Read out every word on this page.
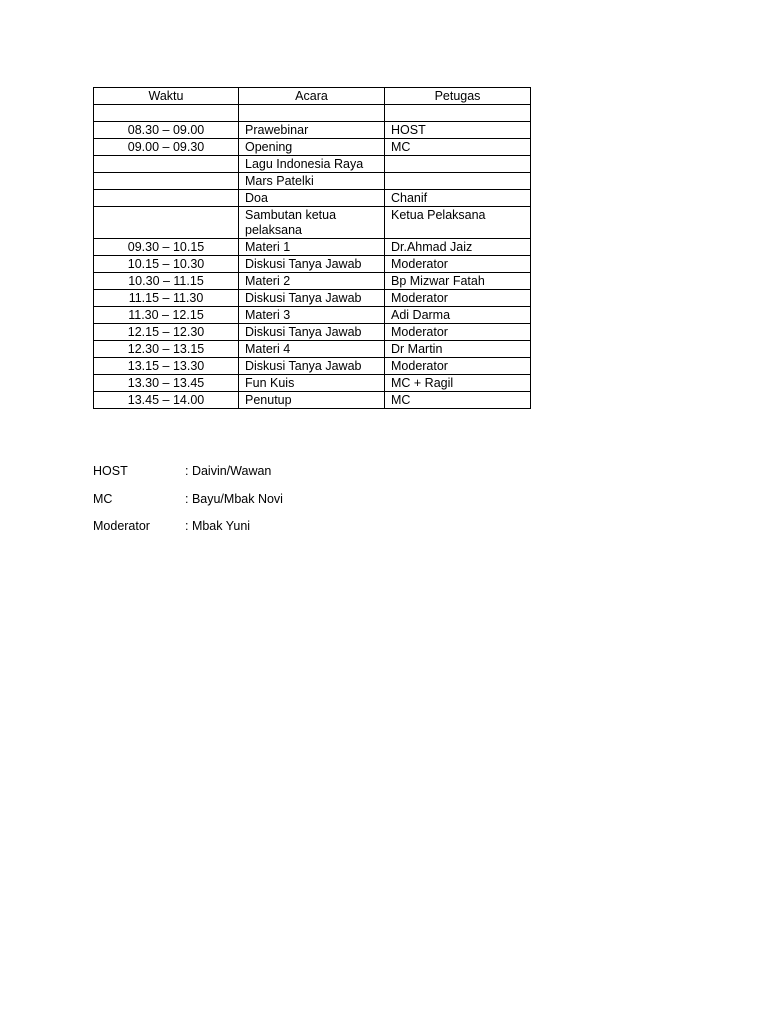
Waktu	Acara	Petugas

08.30 – 09.00	Prawebinar	HOST
09.00 – 09.30	Opening	MC
	Lagu Indonesia Raya	
	Mars Patelki	
	Doa	Chanif
	Sambutan ketua pelaksana	Ketua Pelaksana
09.30 – 10.15	Materi 1	Dr.Ahmad Jaiz
10.15 – 10.30	Diskusi Tanya Jawab	Moderator
10.30 – 11.15	Materi 2	Bp Mizwar Fatah
11.15 – 11.30	Diskusi Tanya Jawab	Moderator
11.30 – 12.15	Materi 3	Adi Darma
12.15 – 12.30	Diskusi Tanya Jawab	Moderator
12.30 – 13.15	Materi 4	Dr Martin
13.15 – 13.30	Diskusi Tanya Jawab	Moderator
13.30 – 13.45	Fun Kuis	MC + Ragil
13.45 – 14.00	Penutup	MC
HOST	: Daivin/Wawan
MC	: Bayu/Mbak Novi
Moderator	: Mbak Yuni
